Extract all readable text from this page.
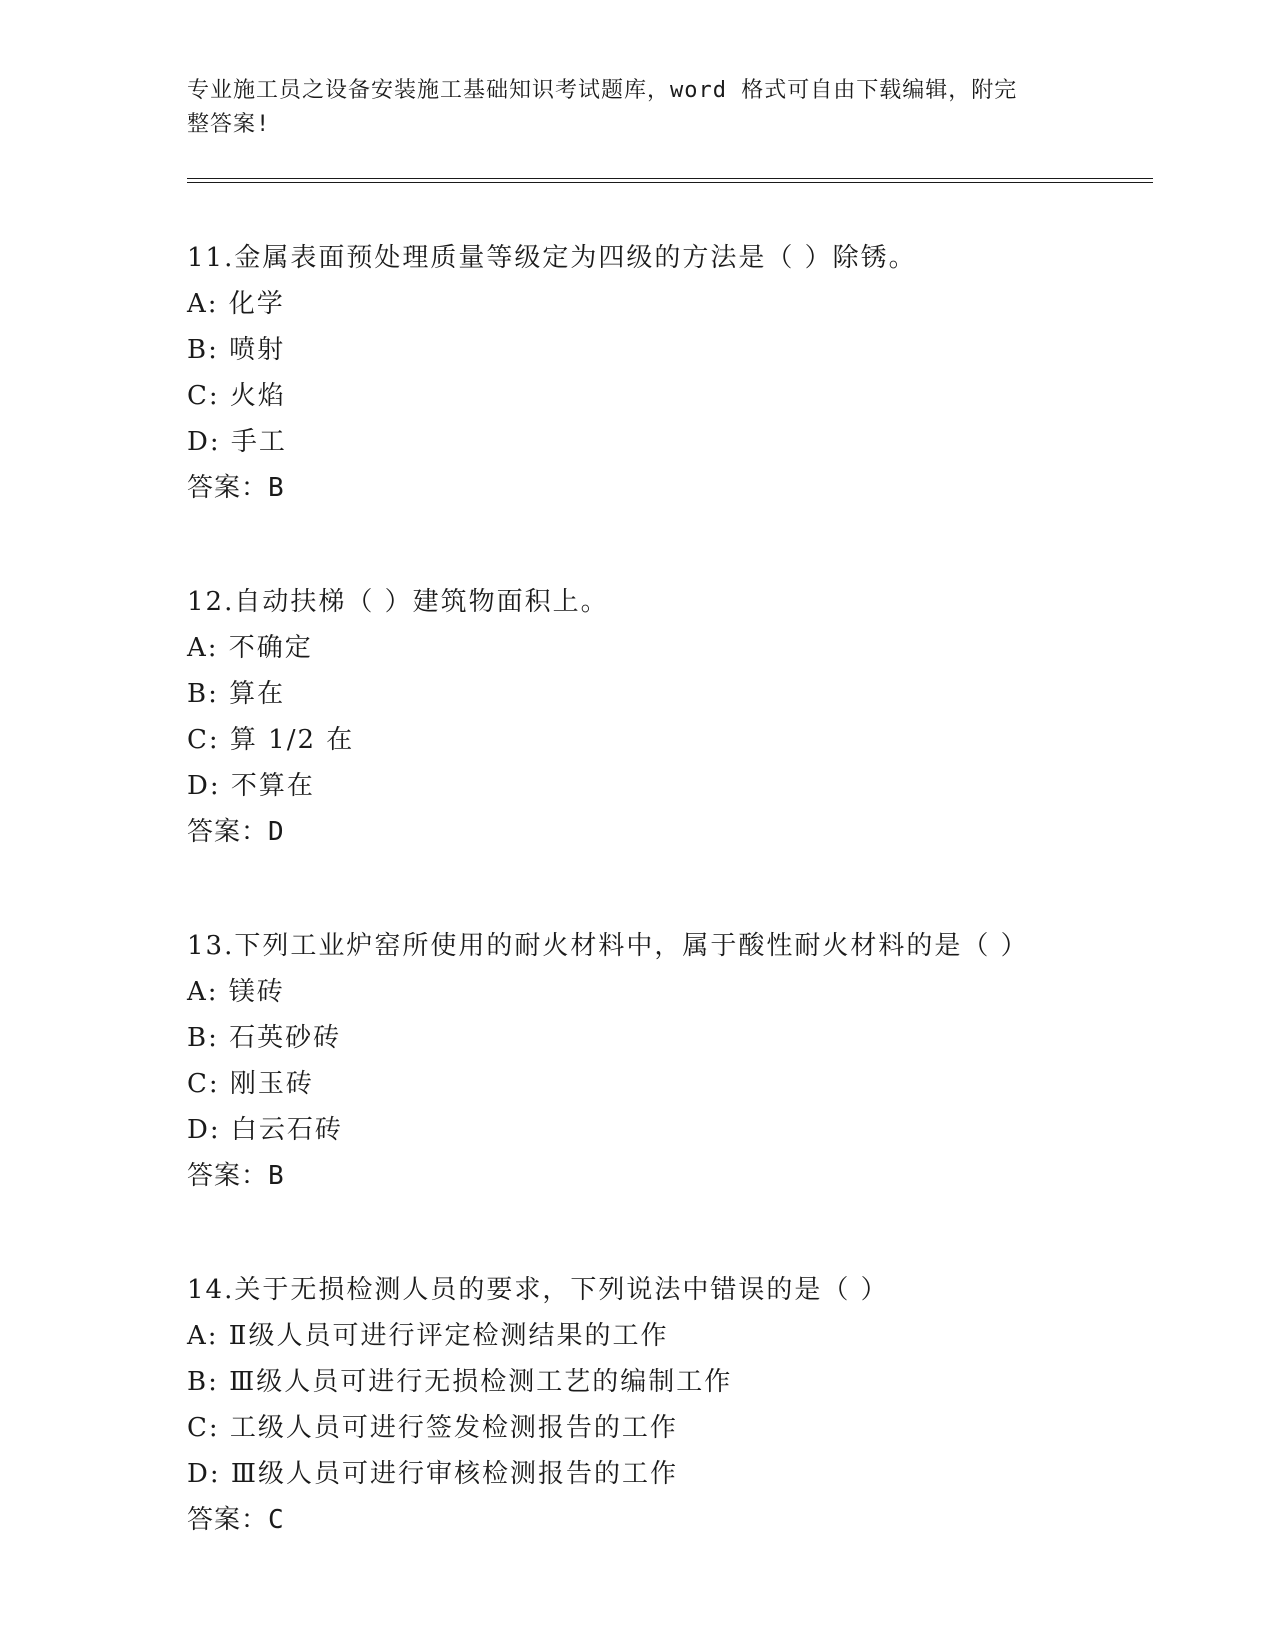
专业施工员之设备安装施工基础知识考试题库，word 格式可自由下载编辑，附完
整答案!
11.金属表面预处理质量等级定为四级的方法是（ ）除锈。
A: 化学
B: 喷射
C: 火焰
D: 手工
答案：B
12.自动扶梯（ ）建筑物面积上。
A: 不确定
B: 算在
C: 算 1/2 在
D: 不算在
答案：D
13.下列工业炉窑所使用的耐火材料中，属于酸性耐火材料的是（ ）
A: 镁砖
B: 石英砂砖
C: 刚玉砖
D: 白云石砖
答案：B
14.关于无损检测人员的要求，下列说法中错误的是（ ）
A: Ⅱ级人员可进行评定检测结果的工作
B: Ⅲ级人员可进行无损检测工艺的编制工作
C: 工级人员可进行签发检测报告的工作
D: Ⅲ级人员可进行审核检测报告的工作
答案：C
